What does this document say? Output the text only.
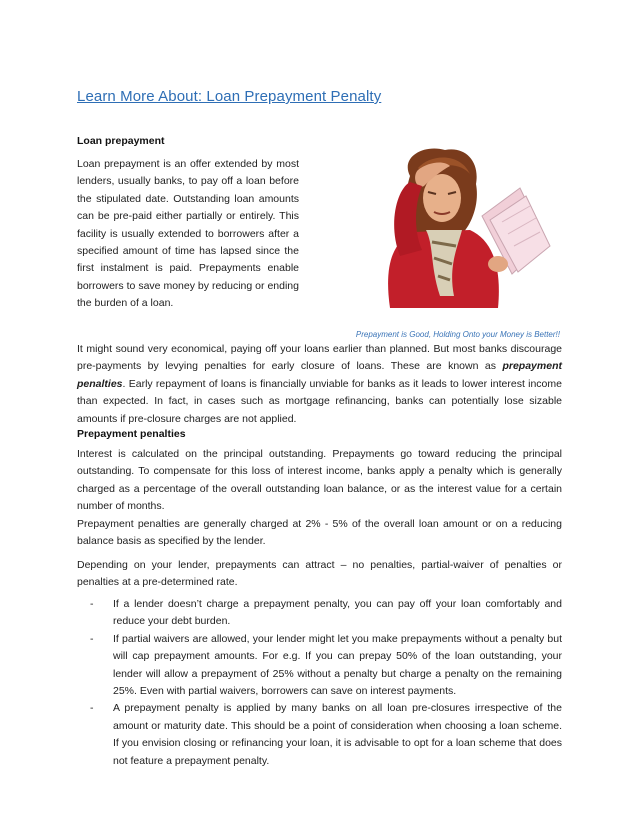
Learn More About: Loan Prepayment Penalty
Loan prepayment
Loan prepayment is an offer extended by most lenders, usually banks, to pay off a loan before the stipulated date. Outstanding loan amounts can be pre-paid either partially or entirely. This facility is usually extended to borrowers after a specified amount of time has lapsed since the first instalment is paid. Prepayments enable borrowers to save money by reducing or ending the burden of a loan.
Prepayment is Good, Holding Onto your Money is Better!!
It might sound very economical, paying off your loans earlier than planned. But most banks discourage pre-payments by levying penalties for early closure of loans. These are known as prepayment penalties. Early repayment of loans is financially unviable for banks as it leads to lower interest income than expected. In fact, in cases such as mortgage refinancing, banks can potentially lose sizable amounts if pre-closure charges are not applied.
Prepayment penalties
Interest is calculated on the principal outstanding. Prepayments go toward reducing the principal outstanding. To compensate for this loss of interest income, banks apply a penalty which is generally charged as a percentage of the overall outstanding loan balance, or as the interest value for a certain number of months.
Prepayment penalties are generally charged at 2% - 5% of the overall loan amount or on a reducing balance basis as specified by the lender.
Depending on your lender, prepayments can attract – no penalties, partial-waiver of penalties or penalties at a pre-determined rate.
- If a lender doesn’t charge a prepayment penalty, you can pay off your loan comfortably and reduce your debt burden.
- If partial waivers are allowed, your lender might let you make prepayments without a penalty but will cap prepayment amounts. For e.g. If you can prepay 50% of the loan outstanding, your lender will allow a prepayment of 25% without a penalty but charge a penalty on the remaining 25%. Even with partial waivers, borrowers can save on interest payments.
- A prepayment penalty is applied by many banks on all loan pre-closures irrespective of the amount or maturity date. This should be a point of consideration when choosing a loan scheme. If you envision closing or refinancing your loan, it is advisable to opt for a loan scheme that does not feature a prepayment penalty.
